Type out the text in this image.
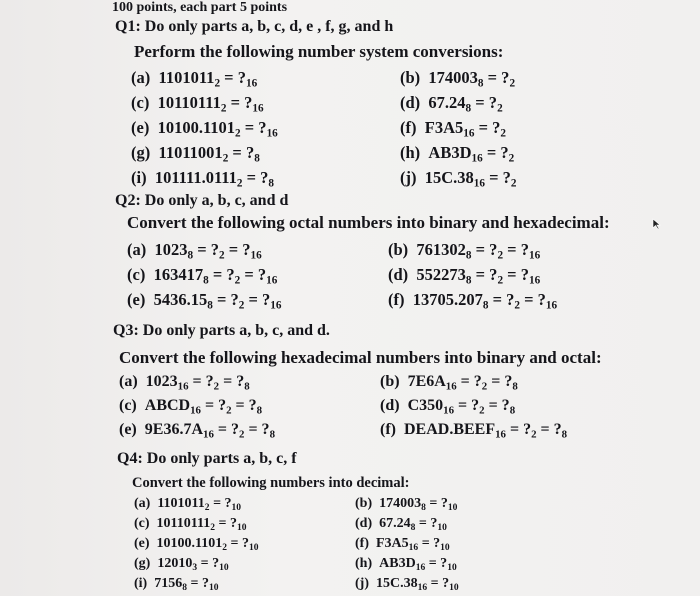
100 points, each part 5 points
Q1: Do only parts a, b, c, d, e , f, g, and h
Perform the following number system conversions:
(a)  $1101011_2$ = $?_{16}$	(b)  $174003_8$ = $?_2$
(c)  $10110111_2$ = $?_{16}$	(d)  $67.24_8$ = $?_2$
(e)  $10100.1101_2$ = $?_{16}$	(f)  $F3A5_{16}$ = $?_2$
(g)  $11011001_2$ = $?_8$	(h)  $AB3D_{16}$ = $?_2$
(i)  $101111.0111_2$ = $?_8$	(j)  $15C.38_{16}$ = $?_2$
Q2: Do only a, b, c, and d
Convert the following octal numbers into binary and hexadecimal:
(a)  $1023_8$ = $?_2$ = $?_{16}$	(b)  $761302_8$ = $?_2$ = $?_{16}$
(c)  $163417_8$ = $?_2$ = $?_{16}$	(d)  $552273_8$ = $?_2$ = $?_{16}$
(e)  $5436.15_8$ = $?_2$ = $?_{16}$	(f)  $13705.207_8$ = $?_2$ = $?_{16}$
Q3: Do only parts a, b, c, and d.
Convert the following hexadecimal numbers into binary and octal:
(a)  $1023_{16}$ = $?_2$ = $?_8$	(b)  $7E6A_{16}$ = $?_2$ = $?_8$
(c)  $ABCD_{16}$ = $?_2$ = $?_8$	(d)  $C350_{16}$ = $?_2$ = $?_8$
(e)  $9E36.7A_{16}$ = $?_2$ = $?_8$	(f)  $DEAD.BEEF_{16}$ = $?_2$ = $?_8$
Q4: Do only parts a, b, c, f
Convert the following numbers into decimal:
(a)  $1101011_2$ = $?_{10}$	(b)  $174003_8$ = $?_{10}$
(c)  $10110111_2$ = $?_{10}$	(d)  $67.24_8$ = $?_{10}$
(e)  $10100.1101_2$ = $?_{10}$	(f)  $F3A5_{16}$ = $?_{10}$
(g)  $12010_3$ = $?_{10}$	(h)  $AB3D_{16}$ = $?_{10}$
(i)  $7156_8$ = $?_{10}$	(j)  $15C.38_{16}$ = $?_{10}$
